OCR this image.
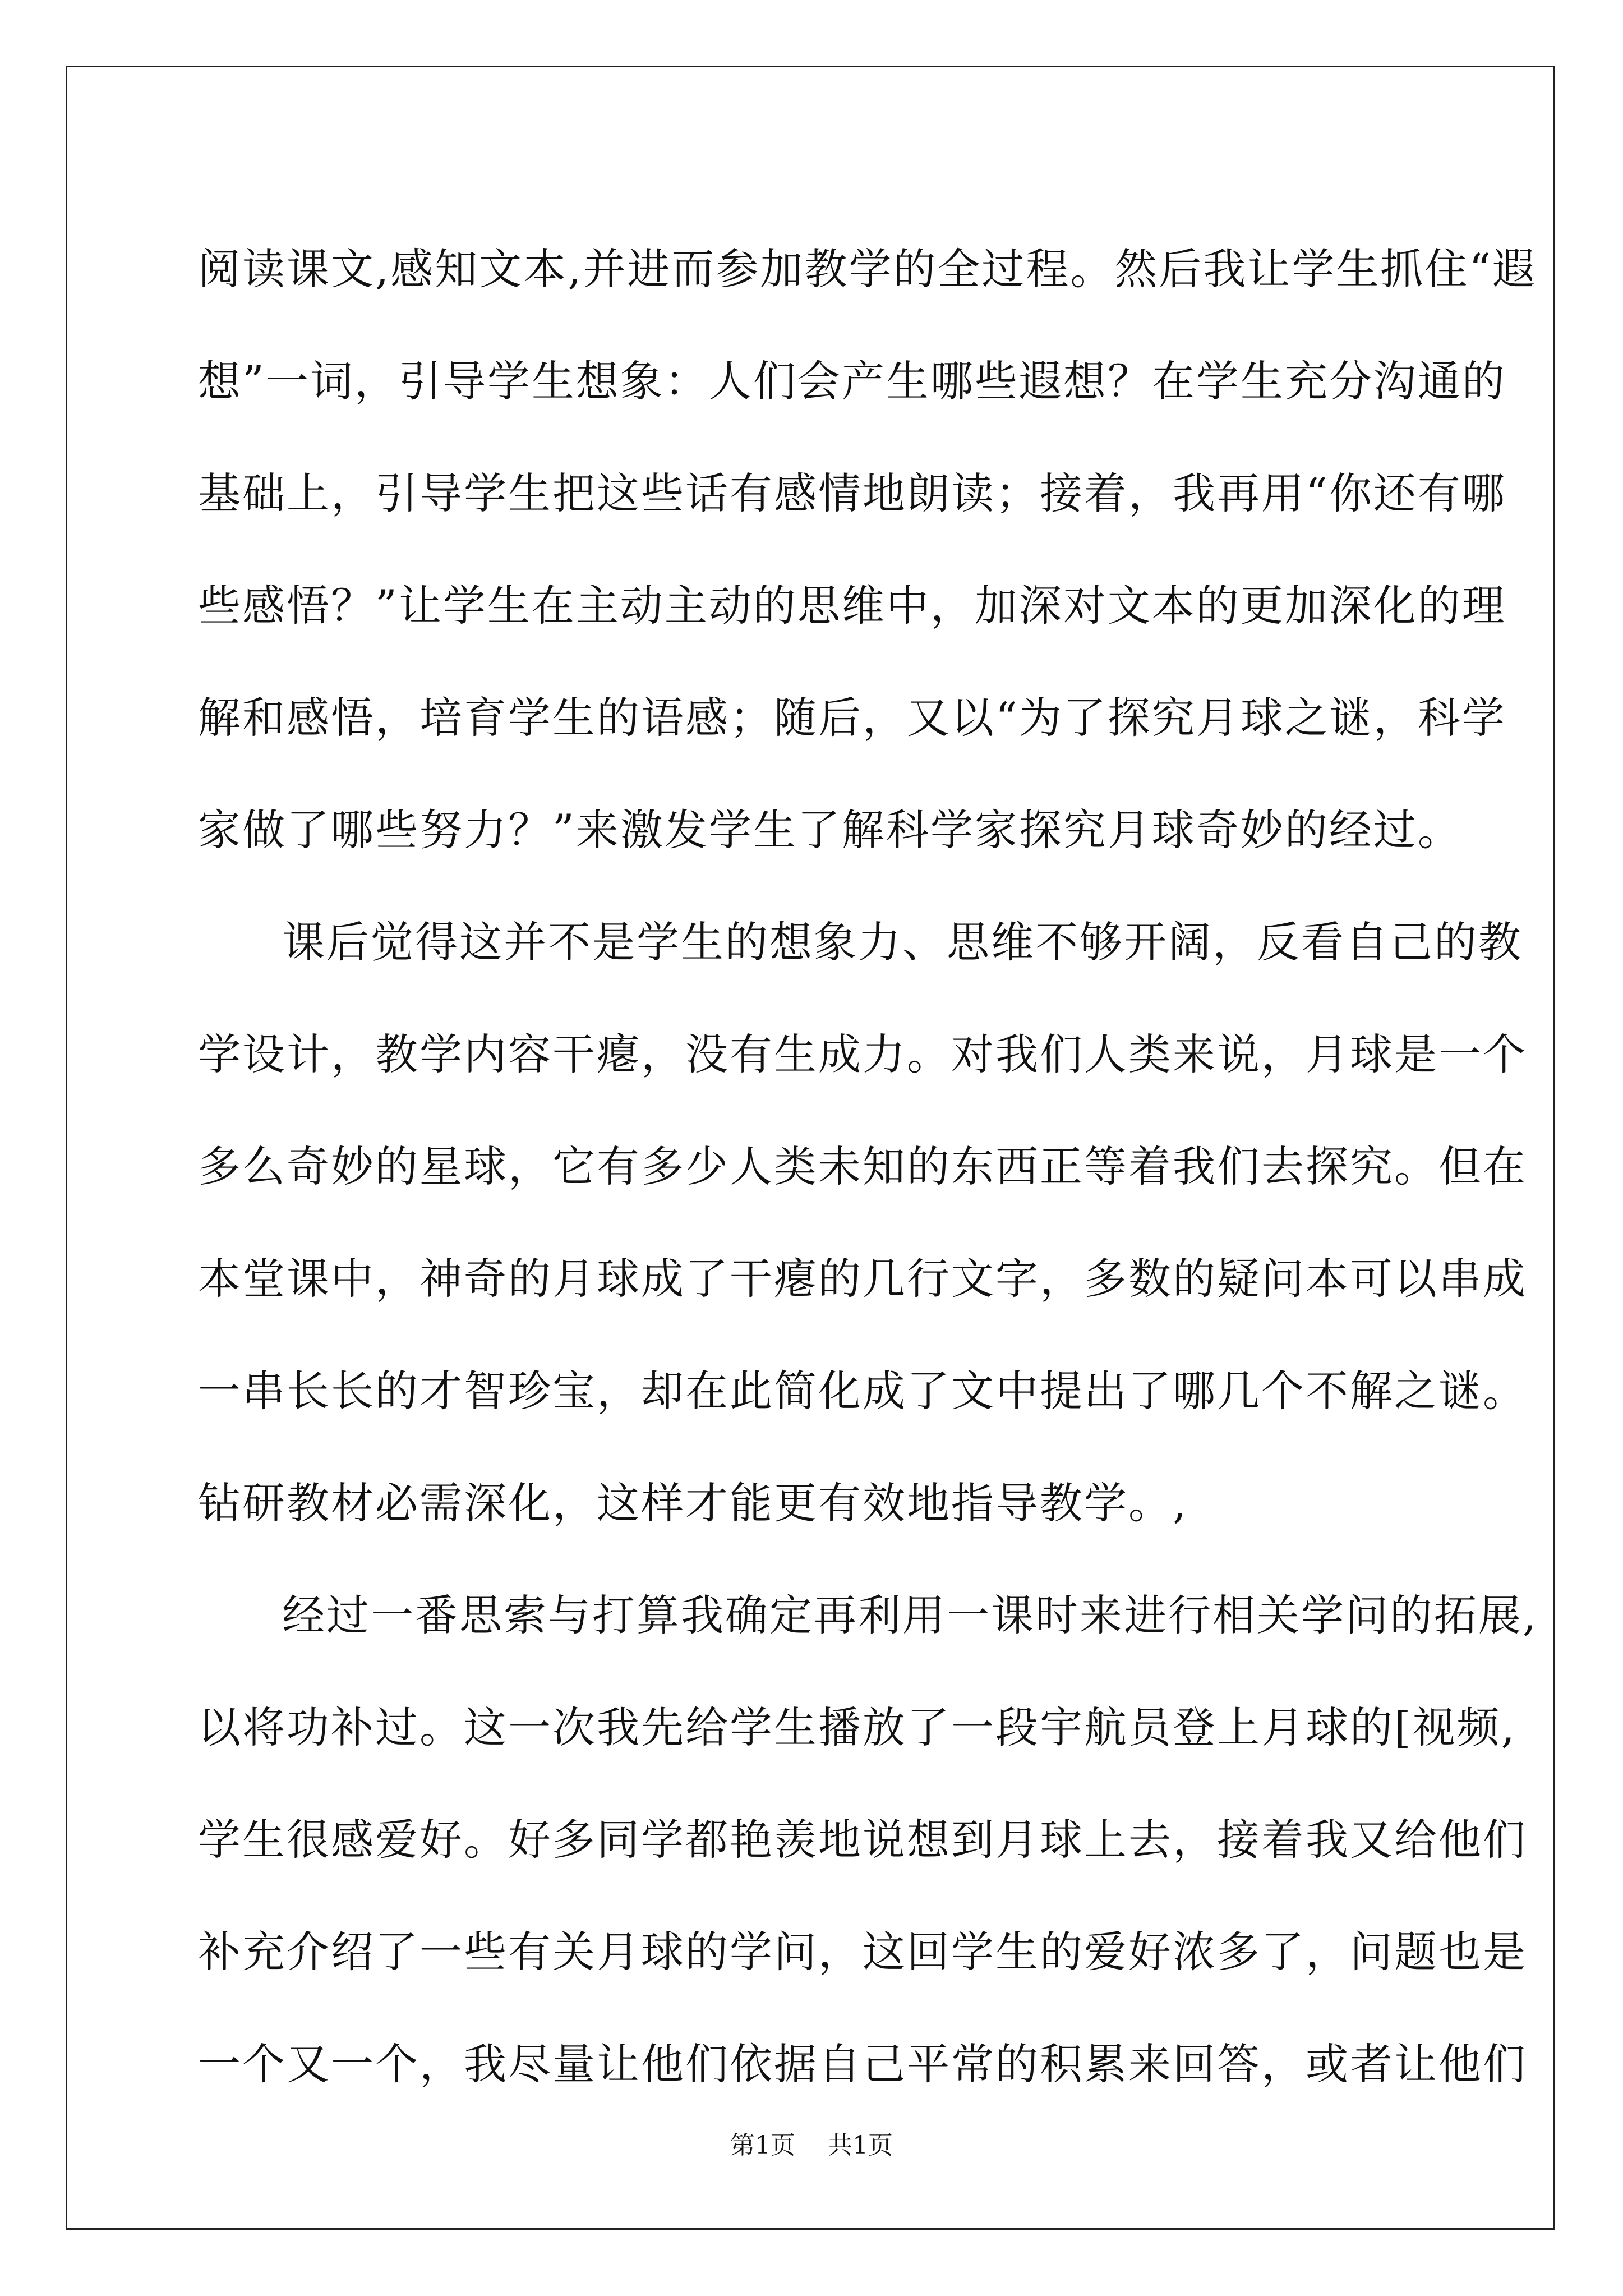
阅读课文,感知文本,并进而参加教学的全过程。然后我让学生抓住“遐
想”一词，引导学生想象：人们会产生哪些遐想？在学生充分沟通的
基础上，引导学生把这些话有感情地朗读；接着，我再用“你还有哪
些感悟？”让学生在主动主动的思维中，加深对文本的更加深化的理
解和感悟，培育学生的语感；随后，又以“为了探究月球之谜，科学
家做了哪些努力？”来激发学生了解科学家探究月球奇妙的经过。
课后觉得这并不是学生的想象力、思维不够开阔，反看自己的教
学设计，教学内容干瘪，没有生成力。对我们人类来说，月球是一个
多么奇妙的星球，它有多少人类未知的东西正等着我们去探究。但在
本堂课中，神奇的月球成了干瘪的几行文字，多数的疑问本可以串成
一串长长的才智珍宝，却在此简化成了文中提出了哪几个不解之谜。
钻研教材必需深化，这样才能更有效地指导教学。,
经过一番思索与打算我确定再利用一课时来进行相关学问的拓展,
以将功补过。这一次我先给学生播放了一段宇航员登上月球的[视频,
学生很感爱好。好多同学都艳羡地说想到月球上去，接着我又给他们
补充介绍了一些有关月球的学问，这回学生的爱好浓多了，问题也是
一个又一个，我尽量让他们依据自己平常的积累来回答，或者让他们
第1页 共1页
